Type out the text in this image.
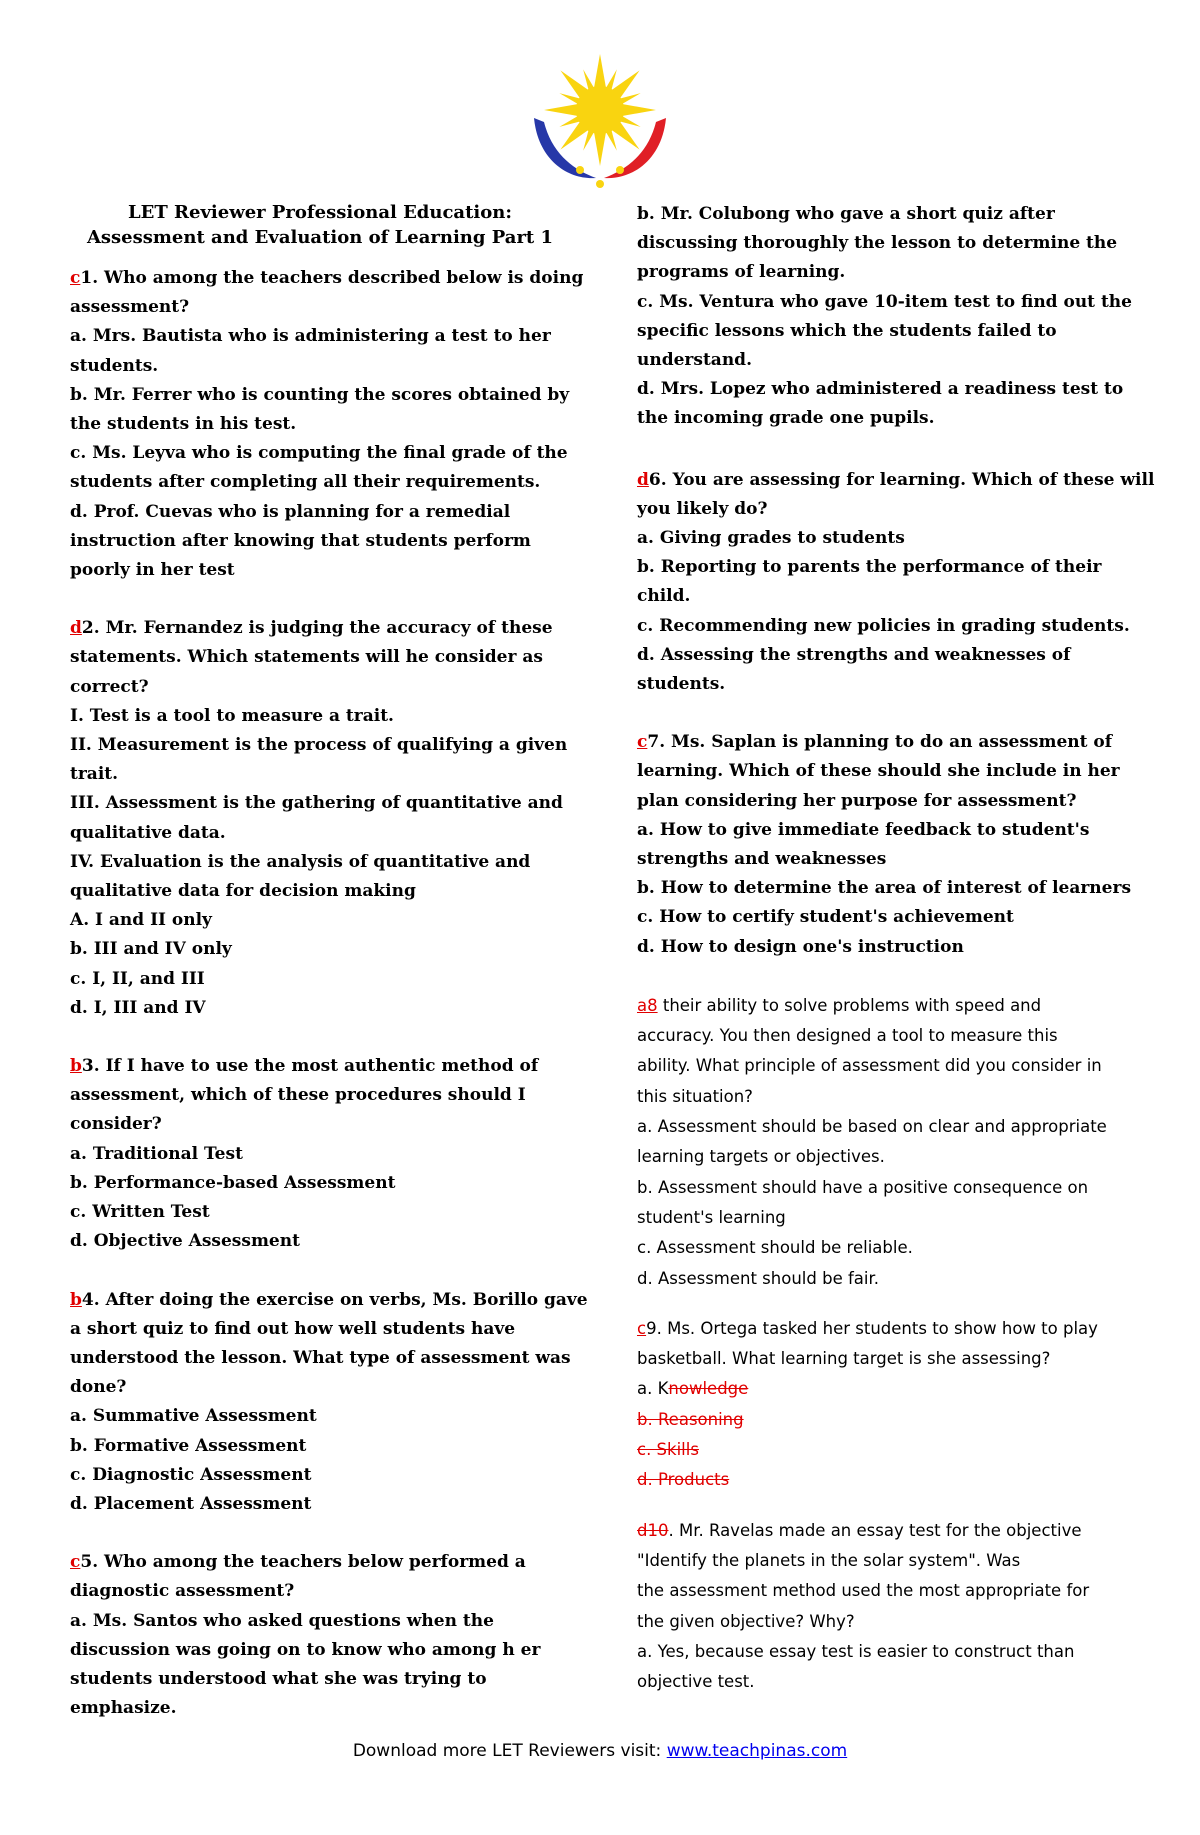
LET Reviewer Professional Education:
Assessment and Evaluation of Learning Part 1
c1. Who among the teachers described below is doing
assessment?
a. Mrs. Bautista who is administering a test to her
students.
b. Mr. Ferrer who is counting the scores obtained by
the students in his test.
c. Ms. Leyva who is computing the final grade of the
students after completing all their requirements.
d. Prof. Cuevas who is planning for a remedial
instruction after knowing that students perform
poorly in her test
d2. Mr. Fernandez is judging the accuracy of these
statements. Which statements will he consider as
correct?
I. Test is a tool to measure a trait.
II. Measurement is the process of qualifying a given
trait.
III. Assessment is the gathering of quantitative and
qualitative data.
IV. Evaluation is the analysis of quantitative and
qualitative data for decision making
A. I and II only
b. III and IV only
c. I, II, and III
d. I, III and IV
b3. If I have to use the most authentic method of
assessment, which of these procedures should I
consider?
a. Traditional Test
b. Performance-based Assessment
c. Written Test
d. Objective Assessment
b4. After doing the exercise on verbs, Ms. Borillo gave
a short quiz to find out how well students have
understood the lesson. What type of assessment was
done?
a. Summative Assessment
b. Formative Assessment
c. Diagnostic Assessment
d. Placement Assessment
c5. Who among the teachers below performed a
diagnostic assessment?
a. Ms. Santos who asked questions when the
discussion was going on to know who among h er
students understood what she was trying to
emphasize.
b. Mr. Colubong who gave a short quiz after
discussing thoroughly the lesson to determine the
programs of learning.
c. Ms. Ventura who gave 10-item test to find out the
specific lessons which the students failed to
understand.
d. Mrs. Lopez who administered a readiness test to
the incoming grade one pupils.
d6. You are assessing for learning. Which of these will
you likely do?
a. Giving grades to students
b. Reporting to parents the performance of their
child.
c. Recommending new policies in grading students.
d. Assessing the strengths and weaknesses of
students.
c7. Ms. Saplan is planning to do an assessment of
learning. Which of these should she include in her
plan considering her purpose for assessment?
a. How to give immediate feedback to student's
strengths and weaknesses
b. How to determine the area of interest of learners
c. How to certify student's achievement
d. How to design one's instruction
a8 their ability to solve problems with speed and
accuracy. You then designed a tool to measure this
ability. What principle of assessment did you consider in
this situation?
a. Assessment should be based on clear and appropriate
learning targets or objectives.
b. Assessment should have a positive consequence on
student's learning
c. Assessment should be reliable.
d. Assessment should be fair.
c9. Ms. Ortega tasked her students to show how to play
basketball. What learning target is she assessing?
a. Knowledge
b. Reasoning
c. Skills
d. Products
d10. Mr. Ravelas made an essay test for the objective
"Identify the planets in the solar system". Was
the assessment method used the most appropriate for
the given objective? Why?
a. Yes, because essay test is easier to construct than
objective test.
Download more LET Reviewers visit: www.teachpinas.com
